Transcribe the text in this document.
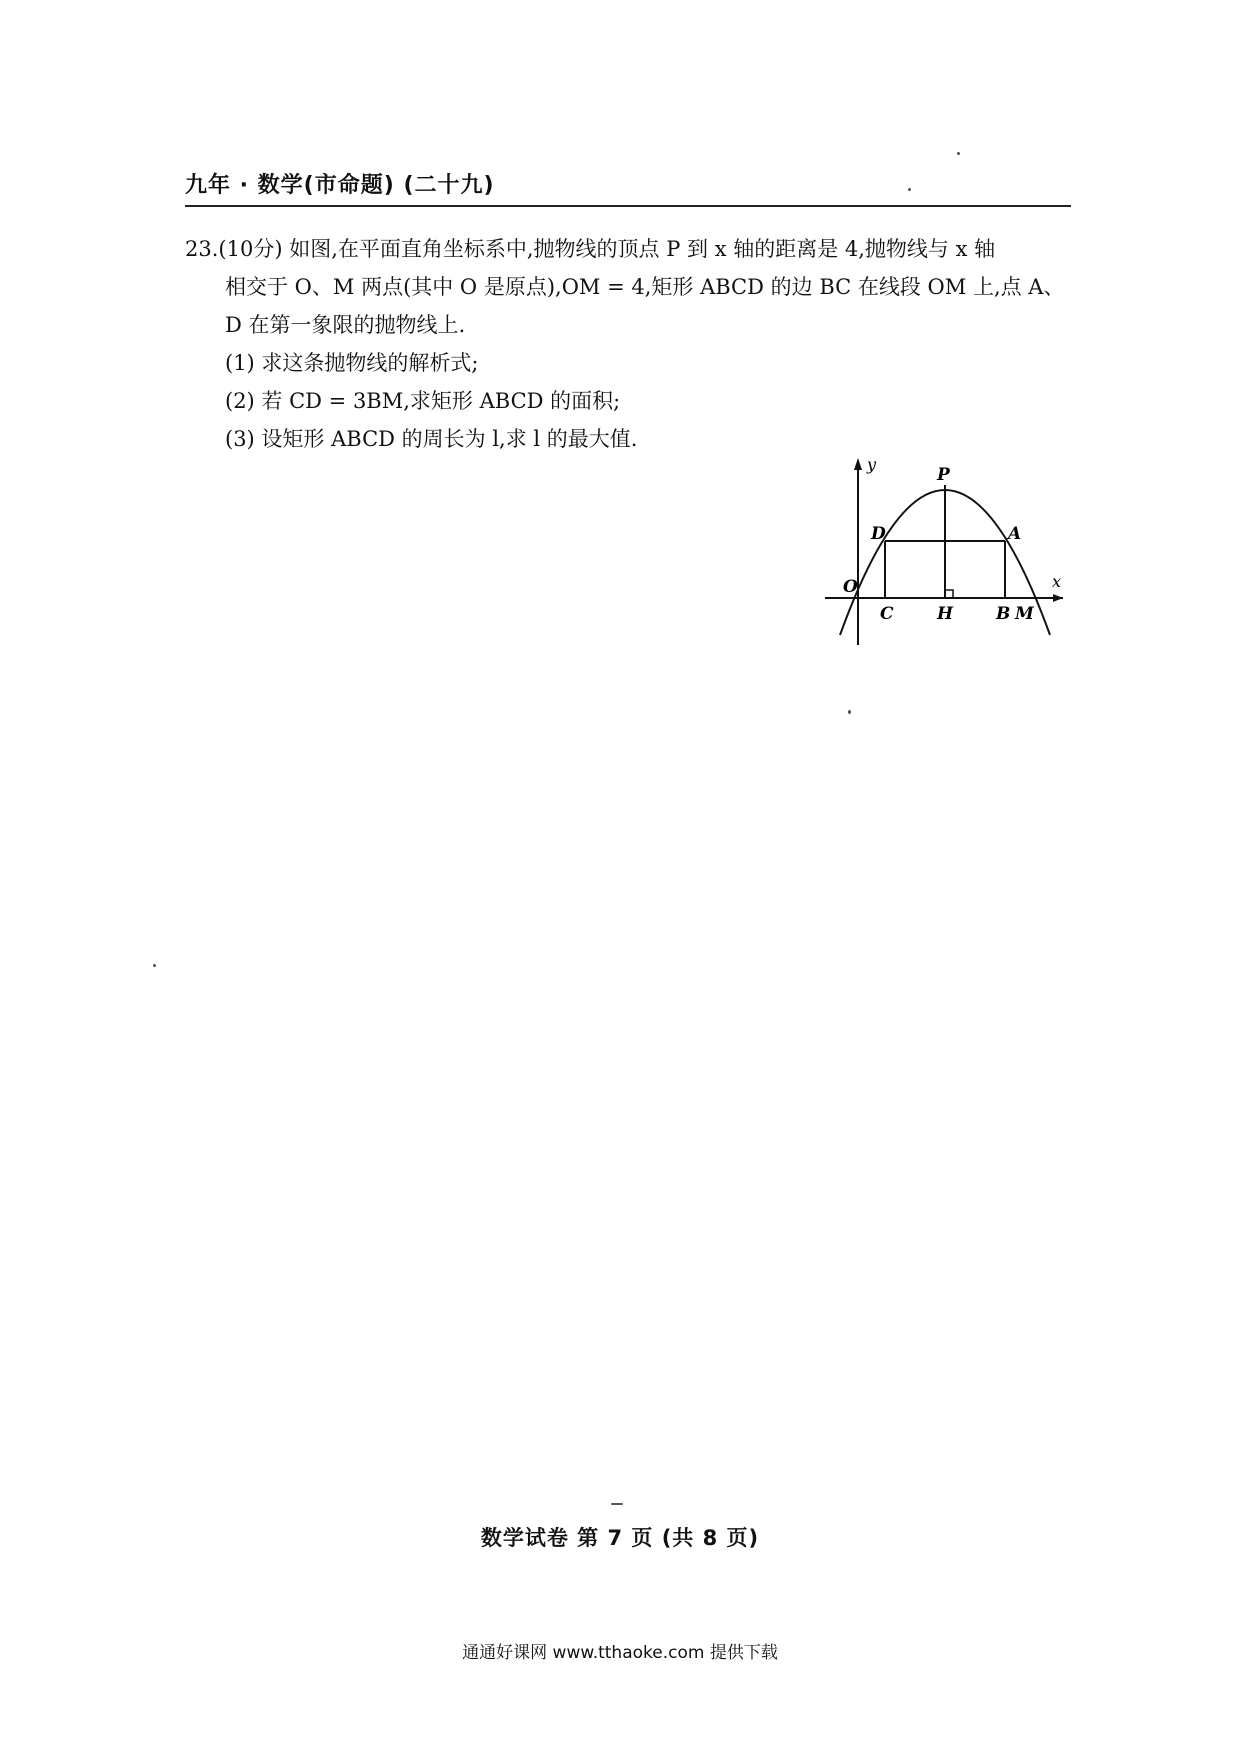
九年 · 数学(市命题) (二十九)
23.(10分) 如图,在平面直角坐标系中,抛物线的顶点 P 到 x 轴的距离是 4,抛物线与 x 轴
相交于 O、M 两点(其中 O 是原点),OM = 4,矩形 ABCD 的边 BC 在线段 OM 上,点 A、
D 在第一象限的抛物线上.
(1) 求这条抛物线的解析式;
(2) 若 CD = 3BM,求矩形 ABCD 的面积;
(3) 设矩形 ABCD 的周长为 l,求 l 的最大值.
y
x
O
P
D	A
C	H	B M
数学试卷 第 7 页 (共 8 页)
通通好课网 www.tthaoke.com 提供下载
